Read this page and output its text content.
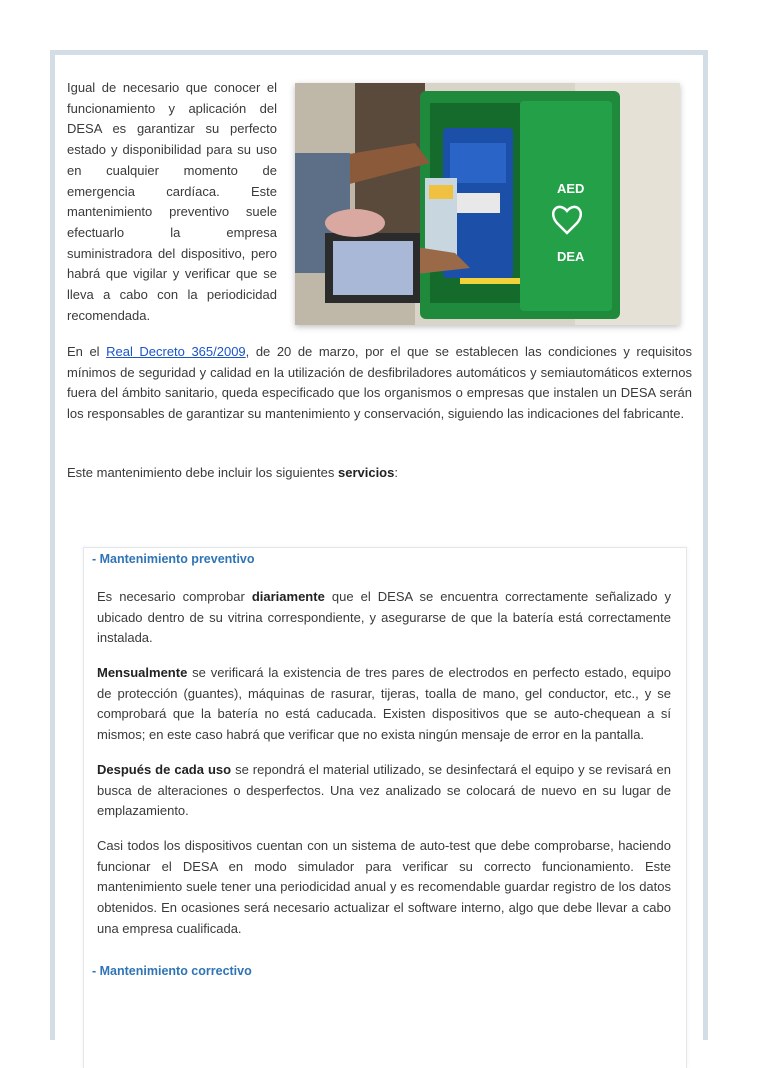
Igual de necesario que conocer el funcionamiento y aplicación del DESA es garantizar su perfecto estado y disponibilidad para su uso en cualquier momento de emergencia cardíaca. Este mantenimiento preventivo suele efectuarlo la empresa suministradora del dispositivo, pero habrá que vigilar y verificar que se lleva a cabo con la periodicidad recomendada.

AED
DEA

En el Real Decreto 365/2009, de 20 de marzo, por el que se establecen las condiciones y requisitos mínimos de seguridad y calidad en la utilización de desfibriladores automáticos y semiautomáticos externos fuera del ámbito sanitario, queda especificado que los organismos o empresas que instalen un DESA serán los responsables de garantizar su mantenimiento y conservación, siguiendo las indicaciones del fabricante.

Este mantenimiento debe incluir los siguientes servicios:

- Mantenimiento preventivo

Es necesario comprobar diariamente que el DESA se encuentra correctamente señalizado y ubicado dentro de su vitrina correspondiente, y asegurarse de que la batería está correctamente instalada.

Mensualmente se verificará la existencia de tres pares de electrodos en perfecto estado, equipo de protección (guantes), máquinas de rasurar, tijeras, toalla de mano, gel conductor, etc., y se comprobará que la batería no está caducada. Existen dispositivos que se auto-chequean a sí mismos; en este caso habrá que verificar que no exista ningún mensaje de error en la pantalla.

Después de cada uso se repondrá el material utilizado, se desinfectará el equipo y se revisará en busca de alteraciones o desperfectos. Una vez analizado se colocará de nuevo en su lugar de emplazamiento.

Casi todos los dispositivos cuentan con un sistema de auto-test que debe comprobarse, haciendo funcionar el DESA en modo simulador para verificar su correcto funcionamiento. Este mantenimiento suele tener una periodicidad anual y es recomendable guardar registro de los datos obtenidos. En ocasiones será necesario actualizar el software interno, algo que debe llevar a cabo una empresa cualificada.

- Mantenimiento correctivo
